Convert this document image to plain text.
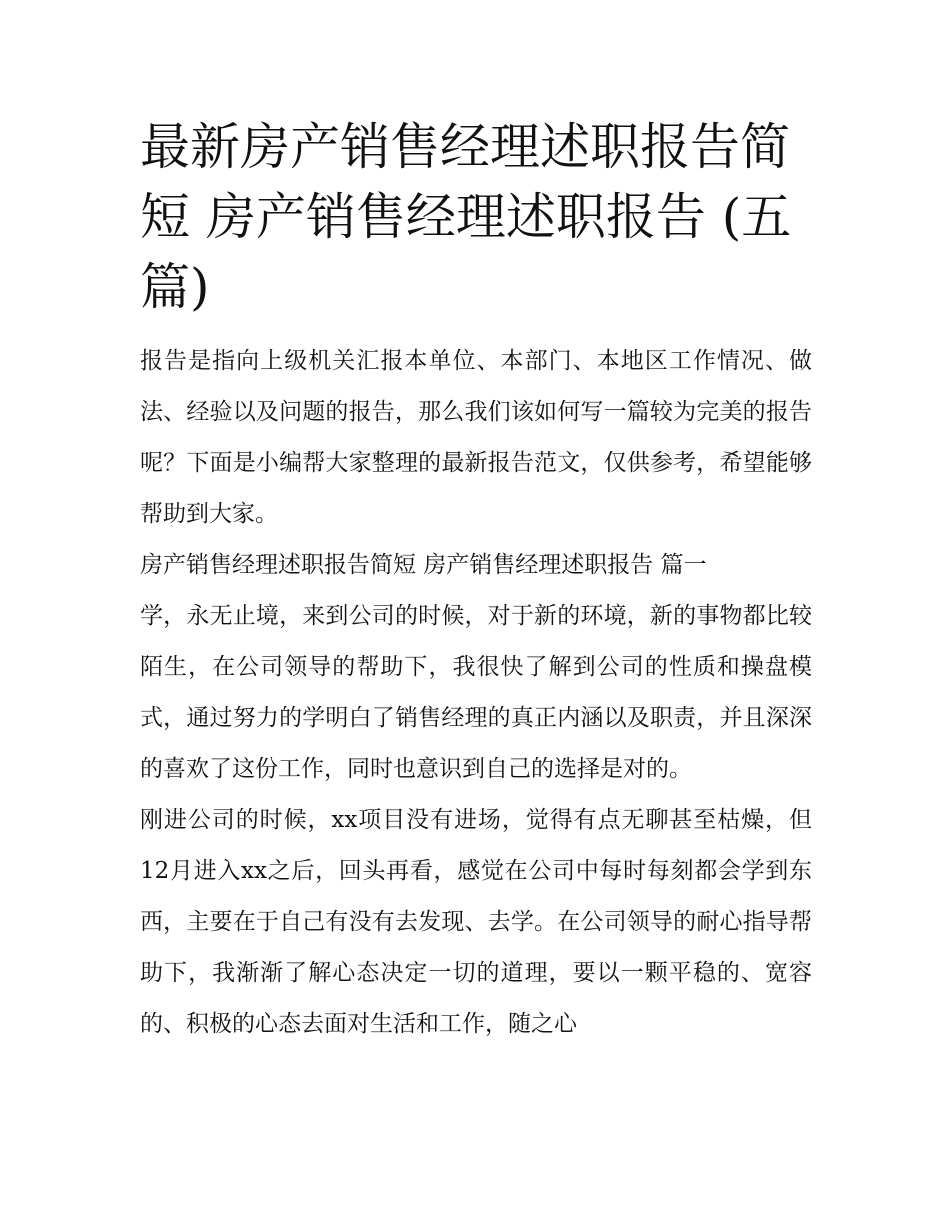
最新房产销售经理述职报告简短 房产销售经理述职报告 (五篇)

报告是指向上级机关汇报本单位、本部门、本地区工作情况、做法、经验以及问题的报告，那么我们该如何写一篇较为完美的报告呢？下面是小编帮大家整理的最新报告范文，仅供参考，希望能够帮助到大家。

房产销售经理述职报告简短 房产销售经理述职报告 篇一

学，永无止境，来到公司的时候，对于新的环境，新的事物都比较陌生，在公司领导的帮助下，我很快了解到公司的性质和操盘模式，通过努力的学明白了销售经理的真正内涵以及职责，并且深深的喜欢了这份工作，同时也意识到自己的选择是对的。

刚进公司的时候，xx项目没有进场，觉得有点无聊甚至枯燥，但12月进入xx之后，回头再看，感觉在公司中每时每刻都会学到东西，主要在于自己有没有去发现、去学。在公司领导的耐心指导帮助下，我渐渐了解心态决定一切的道理，要以一颗平稳的、宽容的、积极的心态去面对生活和工作，随之心
